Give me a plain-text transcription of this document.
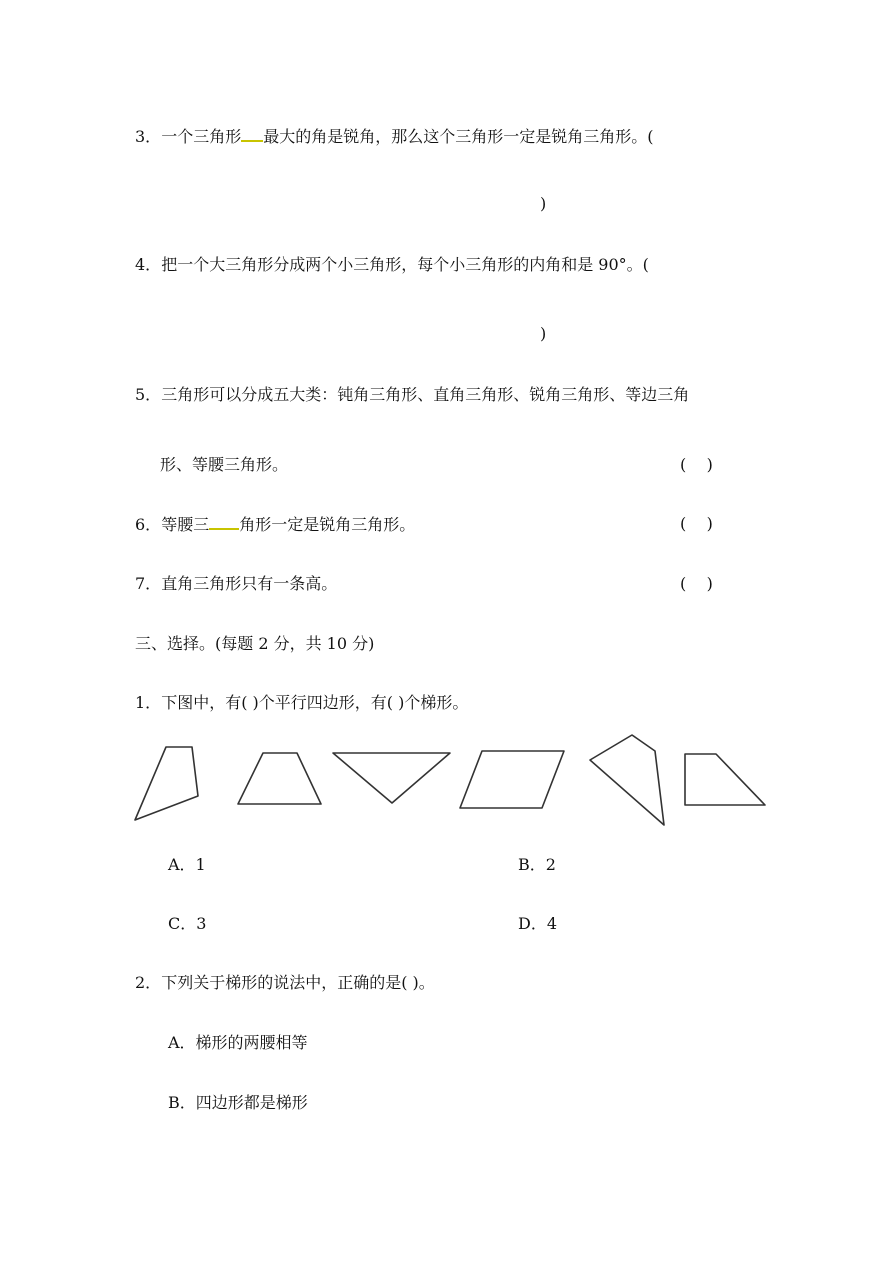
3．一个三角形 最大的角是锐角，那么这个三角形一定是锐角三角形。(
)
4．把一个大三角形分成两个小三角形，每个小三角形的内角和是 90°。(
)
5．三角形可以分成五大类：钝角三角形、直角三角形、锐角三角形、等边三角
形、等腰三角形。	(    )
6．等腰三 角形一定是锐角三角形。	(    )
7．直角三角形只有一条高。	(    )
三、选择。(每题 2 分，共 10 分)
1．下图中，有( )个平行四边形，有( )个梯形。
A．1	B．2
C．3	D．4
2．下列关于梯形的说法中，正确的是( )。
A．梯形的两腰相等
B．四边形都是梯形
